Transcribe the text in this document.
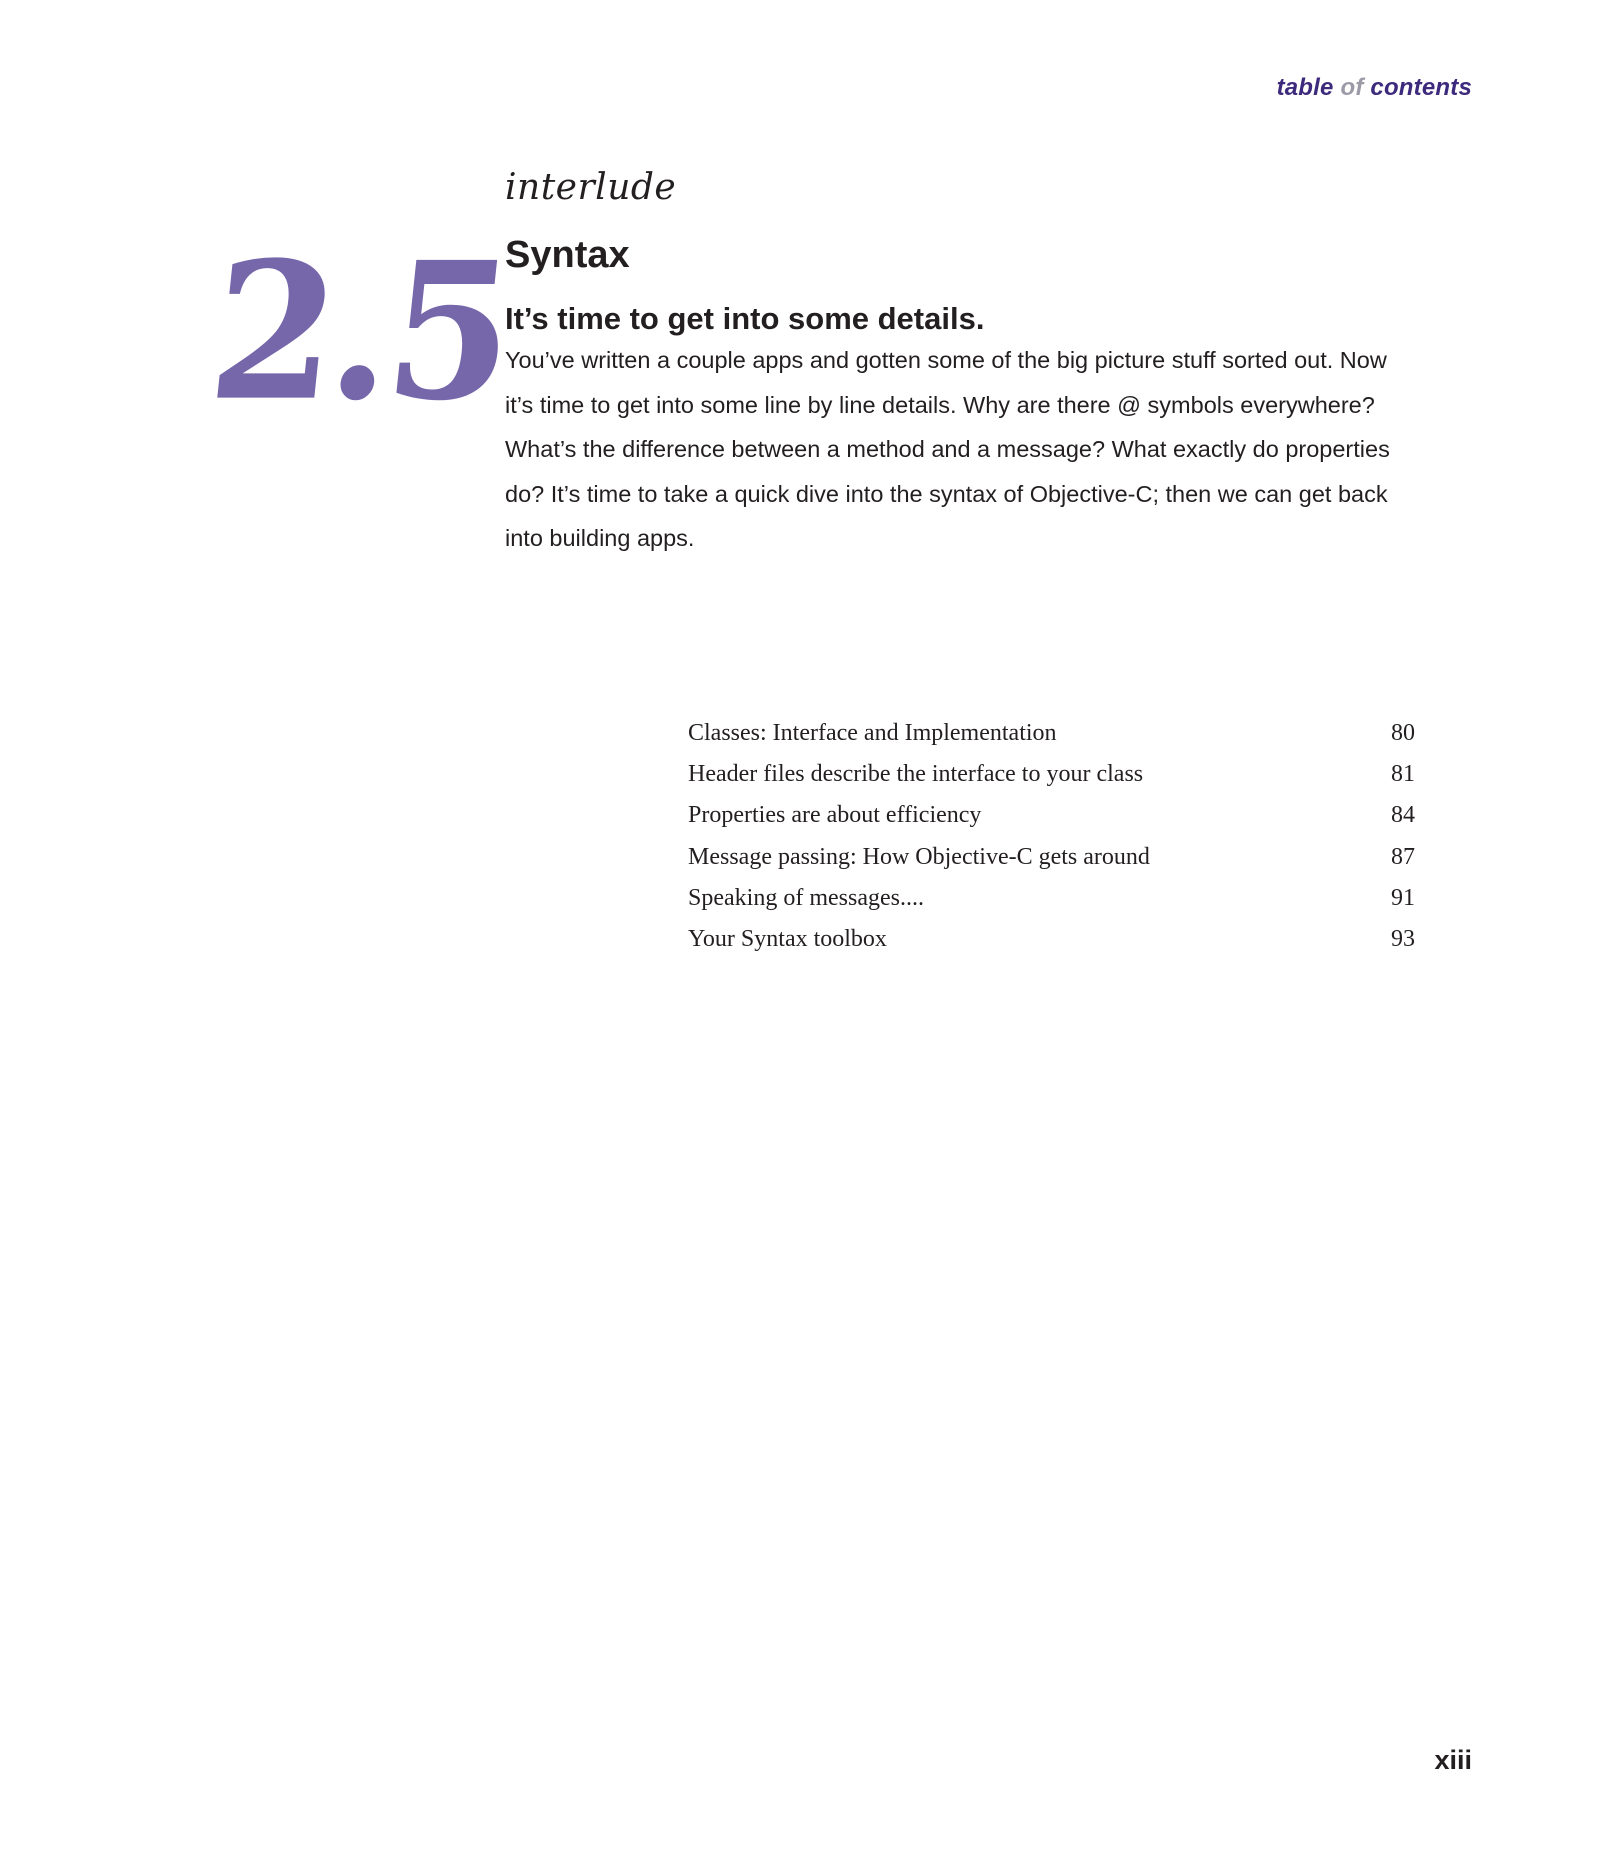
table of contents
2.5

interlude

Syntax
It’s time to get into some details.

You’ve written a couple apps and gotten some of the big picture stuff sorted out. Now it’s time to get into some line by line details. Why are there @ symbols everywhere? What’s the difference between a method and a message? What exactly do properties do? It’s time to take a quick dive into the syntax of Objective-C; then we can get back into building apps.

Classes: Interface and Implementation	80
Header files describe the interface to your class	81
Properties are about efficiency	84
Message passing: How Objective-C gets around	87
Speaking of messages....	91
Your Syntax toolbox	93
xiii
